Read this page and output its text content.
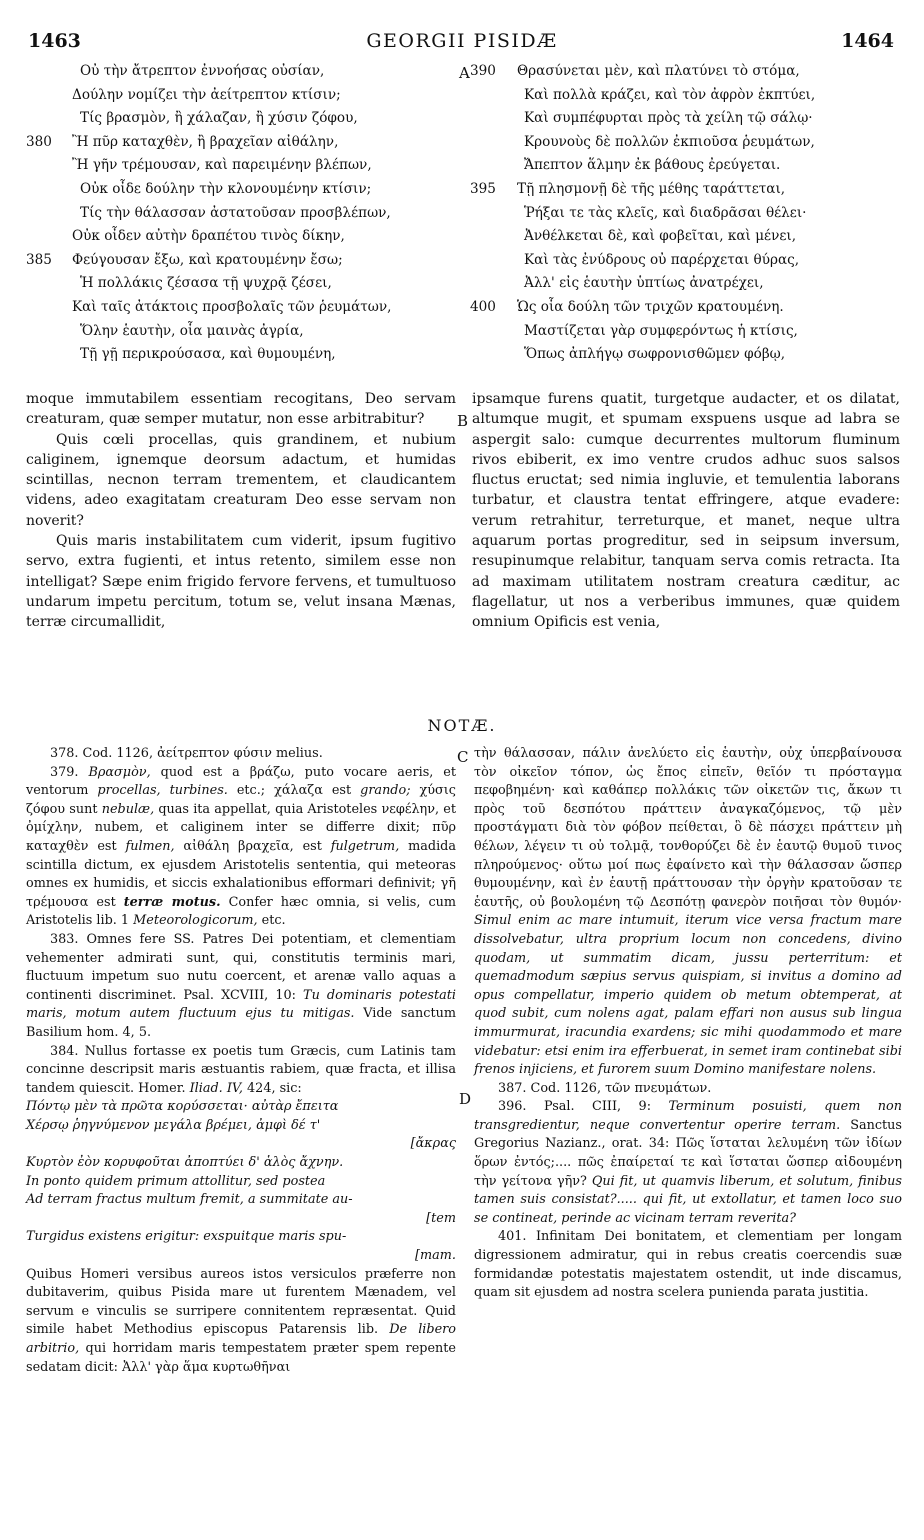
1463	GEORGII PISIDÆ	1464
Οὐ τὴν ἄτρεπτον ἐννοήσας οὐσίαν,
Δούλην νομίζει τὴν ἀείτρεπτον κτίσιν;
Τίς βρασμὸν, ἢ χάλαζαν, ἢ χύσιν ζόφου,
380 Ἢ πῦρ καταχθὲν, ἢ βραχεῖαν αἰθάλην,
Ἢ γῆν τρέμουσαν, καὶ παρειμένην βλέπων,
Οὐκ οἶδε δούλην τὴν κλονουμένην κτίσιν;
Τίς τὴν θάλασσαν ἀστατοῦσαν προσβλέπων,
Οὐκ οἶδεν αὐτὴν δραπέτου τινὸς δίκην,
385 Φεύγουσαν ἔξω, καὶ κρατουμένην ἔσω;
Ἡ πολλάκις ζέσασα τῇ ψυχρᾷ ζέσει,
Καὶ ταῖς ἀτάκτοις προσβολαῖς τῶν ῥευμάτων,
Ὅλην ἑαυτὴν, οἷα μαινὰς ἀγρία,
Τῇ γῇ περικρούσασα, καὶ θυμουμένη,
390 Θρασύνεται μὲν, καὶ πλατύνει τὸ στόμα,
Καὶ πολλὰ κράζει, καὶ τὸν ἀφρὸν ἐκπτύει,
Καὶ συμπέφυρται πρὸς τὰ χείλη τῷ σάλῳ·
Κρουνοὺς δὲ πολλῶν ἐκπιοῦσα ῥευμάτων,
Ἄπεπτον ἅλμην ἐκ βάθους ἐρεύγεται.
395 Τῇ πλησμονῇ δὲ τῆς μέθης ταράττεται,
Ῥήξαι τε τὰς κλεῖς, καὶ διαδρᾶσαι θέλει·
Ἀνθέλκεται δὲ, καὶ φοβεῖται, καὶ μένει,
Καὶ τὰς ἐνύδρους οὐ παρέρχεται θύρας,
Ἀλλ' εἰς ἑαυτὴν ὑπτίως ἀνατρέχει,
400 Ὡς οἷα δούλη τῶν τριχῶν κρατουμένη.
Μαστίζεται γὰρ συμφερόντως ἡ κτίσις,
Ὅπως ἀπλήγῳ σωφρονισθῶμεν φόβῳ,
A
B
C
D

moque immutabilem essentiam recogitans, Deo servam creaturam, quæ semper mutatur, non esse arbitrabitur?

Quis cœli procellas, quis grandinem, et nubium caliginem, ignemque deorsum adactum, et humidas scintillas, necnon terram trementem, et claudicantem videns, adeo exagitatam creaturam Deo esse servam non noverit?

Quis maris instabilitatem cum viderit, ipsum fugitivo servo, extra fugienti, et intus retento, similem esse non intelligat? Sæpe enim frigido fervore fervens, et tumultuoso undarum impetu percitum, totum se, velut insana Mænas, terræ circumallidit,

ipsamque furens quatit, turgetque audacter, et os dilatat, altumque mugit, et spumam exspuens usque ad labra se aspergit salo: cumque decurrentes multorum fluminum rivos ebiberit, ex imo ventre crudos adhuc suos salsos fluctus eructat; sed nimia ingluvie, et temulentia laborans turbatur, et claustra tentat effringere, atque evadere: verum retrahitur, terreturque, et manet, neque ultra aquarum portas progreditur, sed in seipsum inversum, resupinumque relabitur, tanquam serva comis retracta. Ita ad maximam utilitatem nostram creatura cæditur, ac flagellatur, ut nos a verberibus immunes, quæ quidem omnium Opificis est venia,

NOTÆ.

378. Cod. 1126, ἀείτρεπτον φύσιν melius.

379. Βρασμὸν, quod est a βράζω, puto vocare aeris, et ventorum procellas, turbines. etc.; χάλαζα est grando; χύσις ζόφου sunt nebulæ, quas ita appellat, quia Aristoteles νεφέλην, et ὀμίχλην, nubem, et caliginem inter se differre dixit; πῦρ καταχθὲν est fulmen, αἰθάλη βραχεῖα, est fulgetrum, madida scintilla dictum, ex ejusdem Aristotelis sententia, qui meteoras omnes ex humidis, et siccis exhalationibus efformari definivit; γῆ τρέμουσα est terræ motus. Confer hæc omnia, si velis, cum Aristotelis lib. 1 Meteorologicorum, etc.

383. Omnes fere SS. Patres Dei potentiam, et clementiam vehementer admirati sunt, qui, constitutis terminis mari, fluctuum impetum suo nutu coercent, et arenæ vallo aquas a continenti discriminet. Psal. XCVIII, 10: Tu dominaris potestati maris, motum autem fluctuum ejus tu mitigas. Vide sanctum Basilium hom. 4, 5.

384. Nullus fortasse ex poetis tum Græcis, cum Latinis tam concinne descripsit maris æstuantis rabiem, quæ fracta, et illisa tandem quiescit. Homer. Iliad. IV, 424, sic:

Πόντῳ μὲν τὰ πρῶτα κορύσσεται· αὐτὰρ ἔπειτα
Χέρσῳ ῥηγνύμενον μεγάλα βρέμει, ἀμφὶ δέ τ'
[ἄκρας
Κυρτὸν ἐὸν κορυφοῦται ἀποπτύει δ' ἁλὸς ἄχνην.
In ponto quidem primum attollitur, sed postea
Ad terram fractus multum fremit, a summitate au-
[tem
Turgidus existens erigitur: exspuitque maris spu-
[mam.

Quibus Homeri versibus aureos istos versiculos præferre non dubitaverim, quibus Pisida mare ut furentem Mænadem, vel servum e vinculis se surripere connitentem repræsentat. Quid simile habet Methodius episcopus Patarensis lib. De libero arbitrio, qui horridam maris tempestatem præter spem repente sedatam dicit: Ἀλλ' γὰρ ἅμα κυρτωθῆναι

τὴν θάλασσαν, πάλιν ἀνελύετο εἰς ἑαυτὴν, οὐχ ὑπερβαίνουσα τὸν οἰκεῖον τόπον, ὡς ἔπος εἰπεῖν, θεῖόν τι πρόσταγμα πεφοβημένη· καὶ καθάπερ πολλάκις τῶν οἰκετῶν τις, ἄκων τι πρὸς τοῦ δεσπότου πράττειν ἀναγκαζόμενος, τῷ μὲν προστάγματι διὰ τὸν φόβον πείθεται, ὃ δὲ πάσχει πράττειν μὴ θέλων, λέγειν τι οὐ τολμᾷ, τονθορύζει δὲ ἐν ἑαυτῷ θυμοῦ τινος πληρούμενος· οὕτω μοί πως ἐφαίνετο καὶ τὴν θάλασσαν ὥσπερ θυμουμένην, καὶ ἐν ἑαυτῇ πράττουσαν τὴν ὀργὴν κρατοῦσαν τε ἑαυτῆς, οὐ βουλομένη τῷ Δεσπότῃ φανερὸν ποιῆσαι τὸν θυμόν· Simul enim ac mare intumuit, iterum vice versa fractum mare dissolvebatur, ultra proprium locum non concedens, divino quodam, ut summatim dicam, jussu perterritum: et quemadmodum sæpius servus quispiam, si invitus a domino ad opus compellatur, imperio quidem ob metum obtemperat, at quod subit, cum nolens agat, palam effari non ausus sub lingua immurmurat, iracundia exardens; sic mihi quodammodo et mare videbatur: etsi enim ira efferbuerat, in semet iram continebat sibi frenos injiciens, et furorem suum Domino manifestare nolens.

387. Cod. 1126, τῶν πνευμάτων.

396. Psal. CIII, 9: Terminum posuisti, quem non transgredientur, neque convertentur operire terram. Sanctus Gregorius Nazianz., orat. 34: Πῶς ἵσταται λελυμένη τῶν ἰδίων ὅρων ἐντός;.... πῶς ἐπαίρεταί τε καὶ ἵσταται ὥσπερ αἰδουμένη τὴν γείτονα γῆν? Qui fit, ut quamvis liberum, et solutum, finibus tamen suis consistat?..... qui fit, ut extollatur, et tamen loco suo se contineat, perinde ac vicinam terram reverita?

401. Infinitam Dei bonitatem, et clementiam per longam digressionem admiratur, qui in rebus creatis coercendis suæ formidandæ potestatis majestatem ostendit, ut inde discamus, quam sit ejusdem ad nostra scelera punienda parata justitia.
